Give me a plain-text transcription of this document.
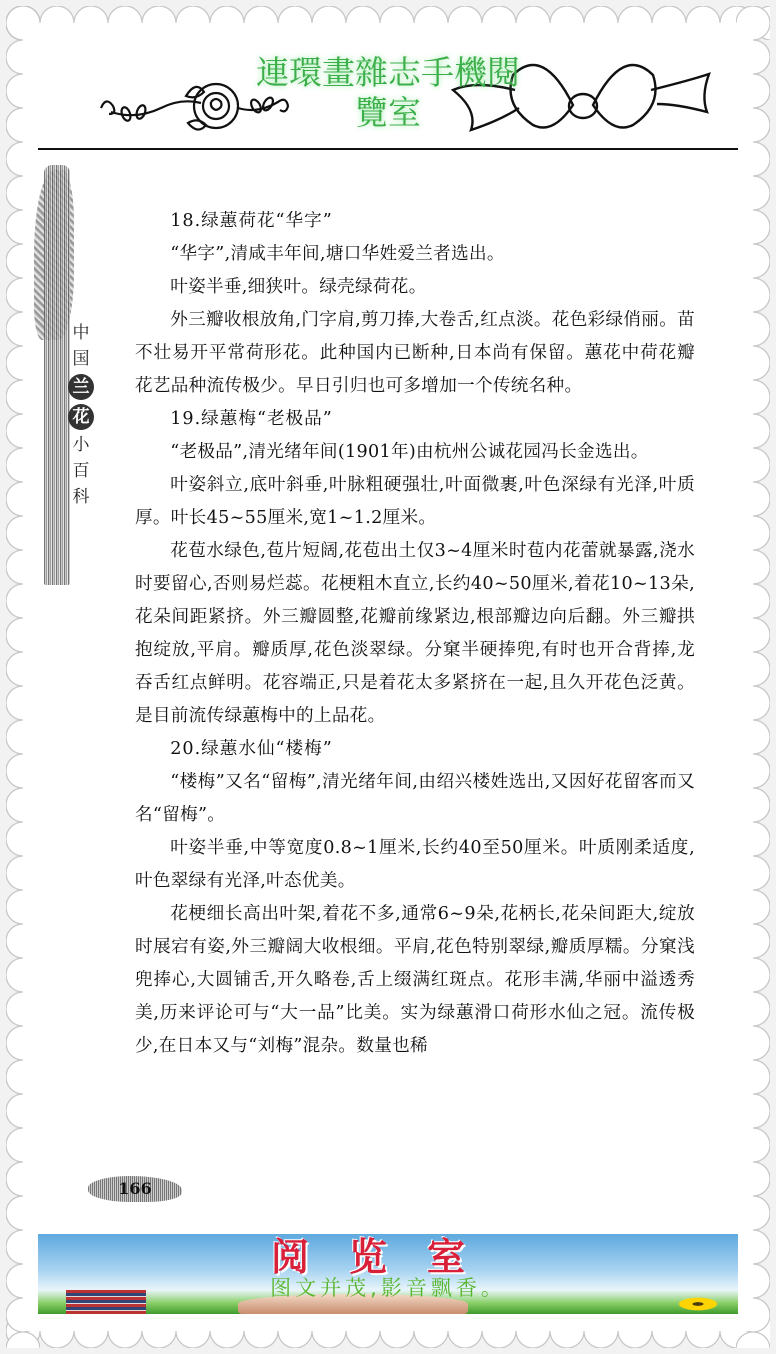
連環畫雜志手機閱
覽室
中
国
兰
花
小
百
科

18.绿蕙荷花“华字”

“华字”,清咸丰年间,塘口华姓爱兰者选出。

叶姿半垂,细狭叶。绿壳绿荷花。

外三瓣收根放角,门字肩,剪刀捧,大卷舌,红点淡。花色彩绿俏丽。苗不壮易开平常荷形花。此种国内已断种,日本尚有保留。蕙花中荷花瓣花艺品种流传极少。早日引归也可多增加一个传统名种。

19.绿蕙梅“老极品”

“老极品”,清光绪年间(1901年)由杭州公诚花园冯长金选出。

叶姿斜立,底叶斜垂,叶脉粗硬强壮,叶面微裹,叶色深绿有光泽,叶质厚。叶长45~55厘米,宽1~1.2厘米。

花苞水绿色,苞片短阔,花苞出土仅3~4厘米时苞内花蕾就暴露,浇水时要留心,否则易烂蕊。花梗粗木直立,长约40~50厘米,着花10~13朵,花朵间距紧挤。外三瓣圆整,花瓣前缘紧边,根部瓣边向后翻。外三瓣拱抱绽放,平肩。瓣质厚,花色淡翠绿。分窠半硬捧兜,有时也开合背捧,龙吞舌红点鲜明。花容端正,只是着花太多紧挤在一起,且久开花色泛黄。是目前流传绿蕙梅中的上品花。

20.绿蕙水仙“楼梅”

“楼梅”又名“留梅”,清光绪年间,由绍兴楼姓选出,又因好花留客而又名“留梅”。

叶姿半垂,中等宽度0.8~1厘米,长约40至50厘米。叶质刚柔适度,叶色翠绿有光泽,叶态优美。

花梗细长高出叶架,着花不多,通常6~9朵,花柄长,花朵间距大,绽放时展宕有姿,外三瓣阔大收根细。平肩,花色特别翠绿,瓣质厚糯。分窠浅兜捧心,大圆铺舌,开久略卷,舌上缀满红斑点。花形丰满,华丽中溢透秀美,历来评论可与“大一品”比美。实为绿蕙滑口荷形水仙之冠。流传极少,在日本又与“刘梅”混杂。数量也稀

166
阅览室
图文并茂,影音飘香。
